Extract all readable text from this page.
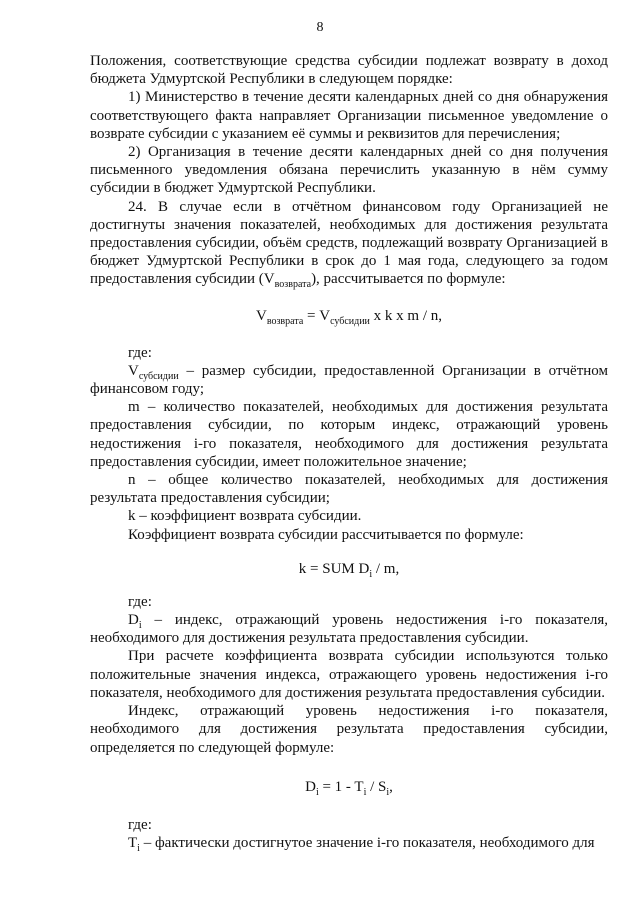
8

Положения, соответствующие средства субсидии подлежат возврату в доход бюджета Удмуртской Республики в следующем порядке:

1) Министерство в течение десяти календарных дней со дня обнаружения соответствующего факта направляет Организации письменное уведомление о возврате субсидии с указанием её суммы и реквизитов для перечисления;

2) Организация в течение десяти календарных дней со дня получения письменного уведомления обязана перечислить указанную в нём сумму субсидии в бюджет Удмуртской Республики.

24. В случае если в отчётном финансовом году Организацией не достигнуты значения показателей, необходимых для достижения результата предоставления субсидии, объём средств, подлежащий возврату Организацией в бюджет Удмуртской Республики в срок до 1 мая года, следующего за годом предоставления субсидии $(V_{возврата})$, рассчитывается по формуле:

$V_{возврата} = V_{субсидии}$ x k x m / n,

где:

$V_{субсидии}$ – размер субсидии, предоставленной Организации в отчётном финансовом году;

m – количество показателей, необходимых для достижения результата предоставления субсидии, по которым индекс, отражающий уровень недостижения i-го показателя, необходимого для достижения результата предоставления субсидии, имеет положительное значение;

n – общее количество показателей, необходимых для достижения результата предоставления субсидии;

k – коэффициент возврата субсидии.

Коэффициент возврата субсидии рассчитывается по формуле:

k = SUM $D_i$ / m,

где:

$D_i$ – индекс, отражающий уровень недостижения i-го показателя, необходимого для достижения результата предоставления субсидии.

При расчете коэффициента возврата субсидии используются только положительные значения индекса, отражающего уровень недостижения i-го показателя, необходимого для достижения результата предоставления субсидии.

Индекс, отражающий уровень недостижения i-го показателя, необходимого для достижения результата предоставления субсидии, определяется по следующей формуле:

$D_i = 1 - T_i / S_i$,

где:

$T_i$ – фактически достигнутое значение i-го показателя, необходимого для
